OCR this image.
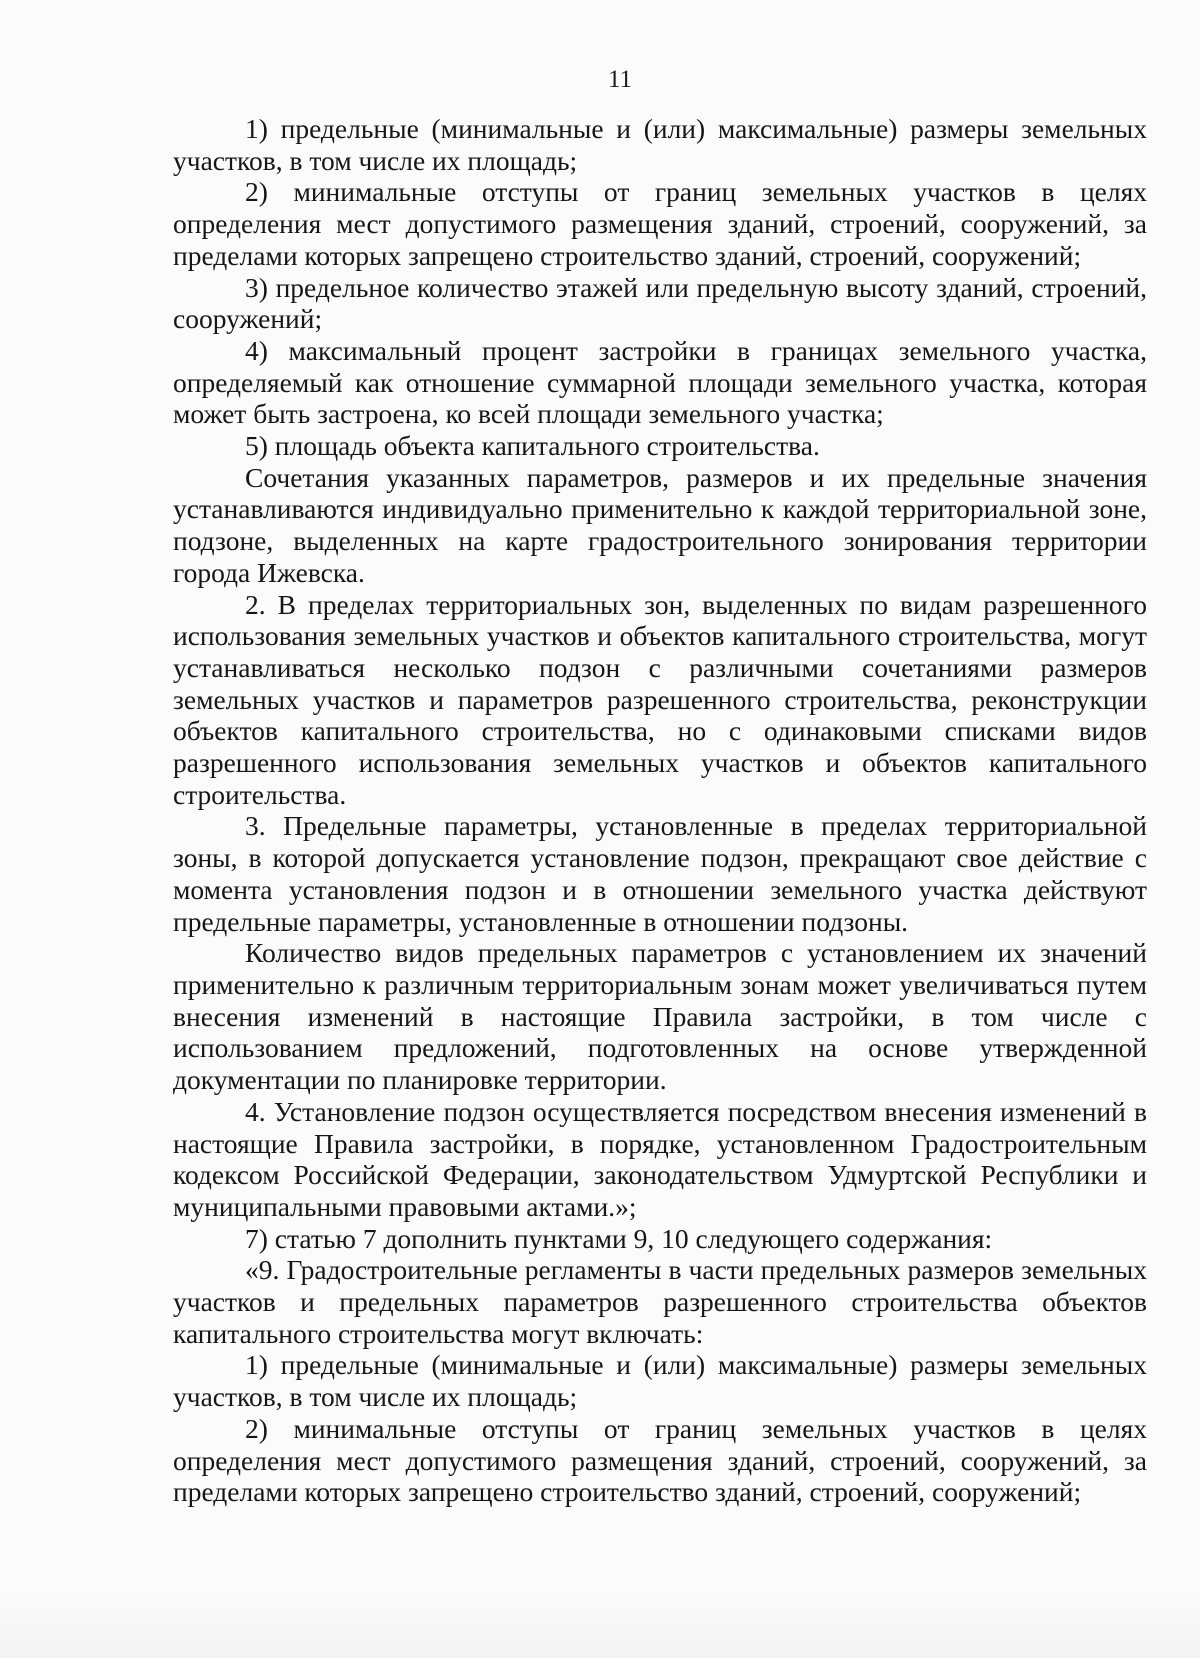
11

1) предельные (минимальные и (или) максимальные) размеры земельных участков, в том числе их площадь;

2) минимальные отступы от границ земельных участков в целях определения мест допустимого размещения зданий, строений, сооружений, за пределами которых запрещено строительство зданий, строений, сооружений;

3) предельное количество этажей или предельную высоту зданий, строений, сооружений;

4) максимальный процент застройки в границах земельного участка, определяемый как отношение суммарной площади земельного участка, которая может быть застроена, ко всей площади земельного участка;

5) площадь объекта капитального строительства.

Сочетания указанных параметров, размеров и их предельные значения устанавливаются индивидуально применительно к каждой территориальной зоне, подзоне, выделенных на карте градостроительного зонирования территории города Ижевска.

2. В пределах территориальных зон, выделенных по видам разрешенного использования земельных участков и объектов капитального строительства, могут устанавливаться несколько подзон с различными сочетаниями размеров земельных участков и параметров разрешенного строительства, реконструкции объектов капитального строительства, но с одинаковыми списками видов разрешенного использования земельных участков и объектов капитального строительства.

3. Предельные параметры, установленные в пределах территориальной зоны, в которой допускается установление подзон, прекращают свое действие с момента установления подзон и в отношении земельного участка действуют предельные параметры, установленные в отношении подзоны.

Количество видов предельных параметров с установлением их значений применительно к различным территориальным зонам может увеличиваться путем внесения изменений в настоящие Правила застройки, в том числе с использованием предложений, подготовленных на основе утвержденной документации по планировке территории.

4. Установление подзон осуществляется посредством внесения изменений в настоящие Правила застройки, в порядке, установленном Градостроительным кодексом Российской Федерации, законодательством Удмуртской Республики и муниципальными правовыми актами.»;

7) статью 7 дополнить пунктами 9, 10 следующего содержания:

«9. Градостроительные регламенты в части предельных размеров земельных участков и предельных параметров разрешенного строительства объектов капитального строительства могут включать:

1) предельные (минимальные и (или) максимальные) размеры земельных участков, в том числе их площадь;

2) минимальные отступы от границ земельных участков в целях определения мест допустимого размещения зданий, строений, сооружений, за пределами которых запрещено строительство зданий, строений, сооружений;
